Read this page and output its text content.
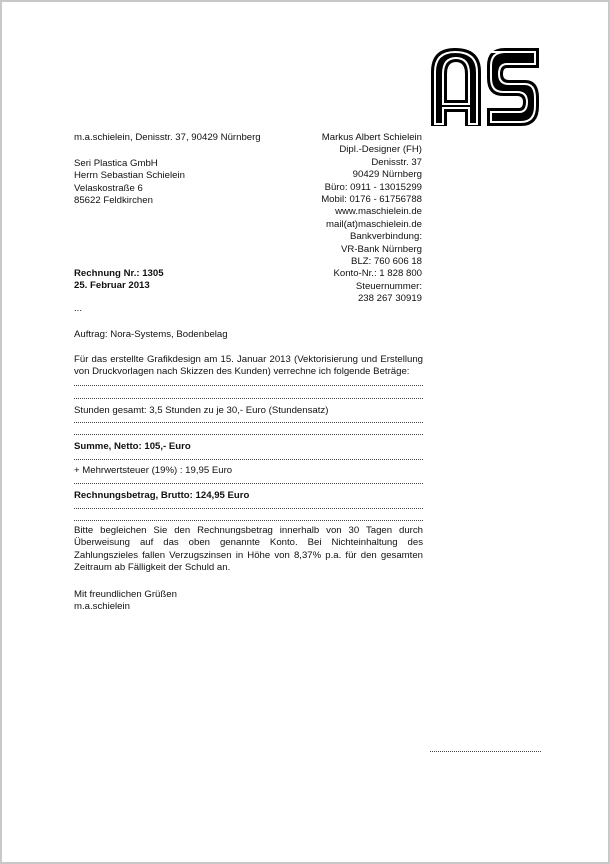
m.a.schielein, Denisstr. 37, 90429 Nürnberg
Seri Plastica GmbH
Herrn Sebastian Schielein
Velaskostraße 6
85622 Feldkirchen
Markus Albert Schielein
Dipl.-Designer (FH)
Denisstr. 37
90429 Nürnberg
Büro: 0911 - 13015299
Mobil: 0176 - 61756788
www.maschielein.de
mail(at)maschielein.de
Bankverbindung:
VR-Bank Nürnberg
BLZ: 760 606 18
Konto-Nr.: 1 828 800
Steuernummer:
238 267 30919
Rechnung Nr.: 1305
25. Februar 2013
...
Auftrag: Nora-Systems, Bodenbelag
Für das erstellte Grafikdesign am 15. Januar 2013 (Vektorisierung und Erstellung von Druckvorlagen nach Skizzen des Kunden) verrechne ich folgende Beträge:
Stunden gesamt: 3,5 Stunden zu je 30,- Euro (Stundensatz)
Summe, Netto: 105,- Euro
+ Mehrwertsteuer (19%) : 19,95 Euro
Rechnungsbetrag, Brutto: 124,95 Euro
Bitte begleichen Sie den Rechnungsbetrag innerhalb von 30 Tagen durch Überweisung auf das oben genannte Konto. Bei Nichteinhaltung des Zahlungszieles fallen Verzugszinsen in Höhe von 8,37% p.a. für den gesamten Zeitraum ab Fälligkeit der Schuld an.
Mit freundlichen Grüßen
m.a.schielein
